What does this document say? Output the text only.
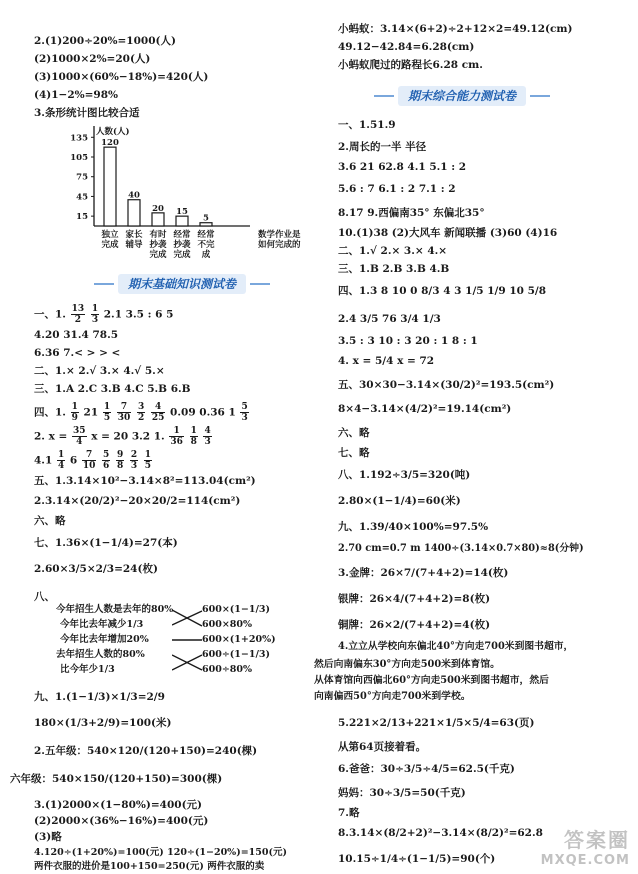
2.(1)200÷20%=1000(人)
(2)1000×2%=20(人)
(3)1000×(60%−18%)=420(人)
(4)1−2%=98%
3.条形统计图比较合适
人数(人)
15
45
75
105
135 120
独立
完成
40
家长
辅导
20
有时
抄袭
完成
15
经常
抄袭
完成
5
经常
不完
成
数学作业是
如何完成的
期末基础知识测试卷
一、1. $\frac{13}{2}$
$\frac{1}{3} 2.1$ 3.5 : 6 5
4.20 31.4 78.5
6.36 7.< > > <
二、1.× 2.√ 3.× 4.√ 5.×
三、1.A 2.C 3.B 4.C 5.B 6.B
四、1. $\frac{1}{9} 21 \frac{1}{5}$
$\frac{7}{30}$
$\frac{3}{2}$
$\frac{4}{25} 0.09$ 0.36 $1 \frac{5}{3}$
2. $x = \frac{35}{4}$ x = 20 3.2 1. $\frac{1}{36}$
$\frac{1}{8}$
$\frac{4}{3}$
$4.1 \frac{1}{4} 6 \frac{7}{10}$
$\frac{5}{6}$
$\frac{9}{8}$
$\frac{2}{3}$
$\frac{1}{5}$
五、1.3.14×10²−3.14×8²=113.04(cm²)
2.3.14×(20/2)²−20×20/2=114(cm²)
六、略
七、1.36×(1−1/4)=27(本)
2.60×3/5×2/3=24(枚)
八、
今年招生人数是去年的80%
今年比去年减少1/3
今年比去年增加20%
去年招生人数的80%
比今年少1/3
600×(1−1/3)
600×80%
600×(1+20%)
600÷(1−1/3)
600÷80%
九、1.(1−1/3)×1/3=2/9
180×(1/3+2/9)=100(米)
2.五年级：540×120/(120+150)=240(棵)
六年级：540×150/(120+150)=300(棵)
3.(1)2000×(1−80%)=400(元)
(2)2000×(36%−16%)=400(元)
(3)略
4.120÷(1+20%)=100(元) 120÷(1−20%)=150(元)
两件衣服的进价是100+150=250(元) 两件衣服的卖
小蚂蚁：3.14×(6+2)÷2+12×2=49.12(cm)
49.12−42.84=6.28(cm)
小蚂蚁爬过的路程长6.28 cm.
期末综合能力测试卷
一、1.51.9
2.周长的一半 半径
3.6 21 62.8 4.1 5.1 : 2
5.6 : 7 6.1 : 2 7.1 : 2
8.17 9.西偏南35° 东偏北35°
10.(1)38 (2)大风车 新闻联播 (3)60 (4)16
二、1.√ 2.× 3.× 4.×
三、1.B 2.B 3.B 4.B
四、1.3 8 10 0 8/3 4 3 1/5 1/9 10 5/8
2.4 3/5 76 3/4 1/3
3.5 : 3 10 : 3 20 : 1 8 : 1
4. x = 5/4 x = 72
五、30×30−3.14×(30/2)²=193.5(cm²)
8×4−3.14×(4/2)²=19.14(cm²)
六、略
七、略
八、1.192÷3/5=320(吨)
2.80×(1−1/4)=60(米)
九、1.39/40×100%=97.5%
2.70 cm=0.7 m 1400÷(3.14×0.7×80)≈8(分钟)
3.金牌：26×7/(7+4+2)=14(枚)
银牌：26×4/(7+4+2)=8(枚)
铜牌：26×2/(7+4+2)=4(枚)
4.立立从学校向东偏北40°方向走700米到图书超市，
然后向南偏东30°方向走500米到体育馆。
从体育馆向西偏北60°方向走500米到图书超市，然后
向南偏西50°方向走700米到学校。
5.221×2/13+221×1/5×5/4=63(页)
从第64页接着看。
6.爸爸：30÷3/5÷4/5=62.5(千克)
妈妈：30÷3/5=50(千克)
7.略
8.3.14×(8/2+2)²−3.14×(8/2)²=62.8
10.15÷1/4÷(1−1/5)=90(个)
答案圈
MXQE.COM
